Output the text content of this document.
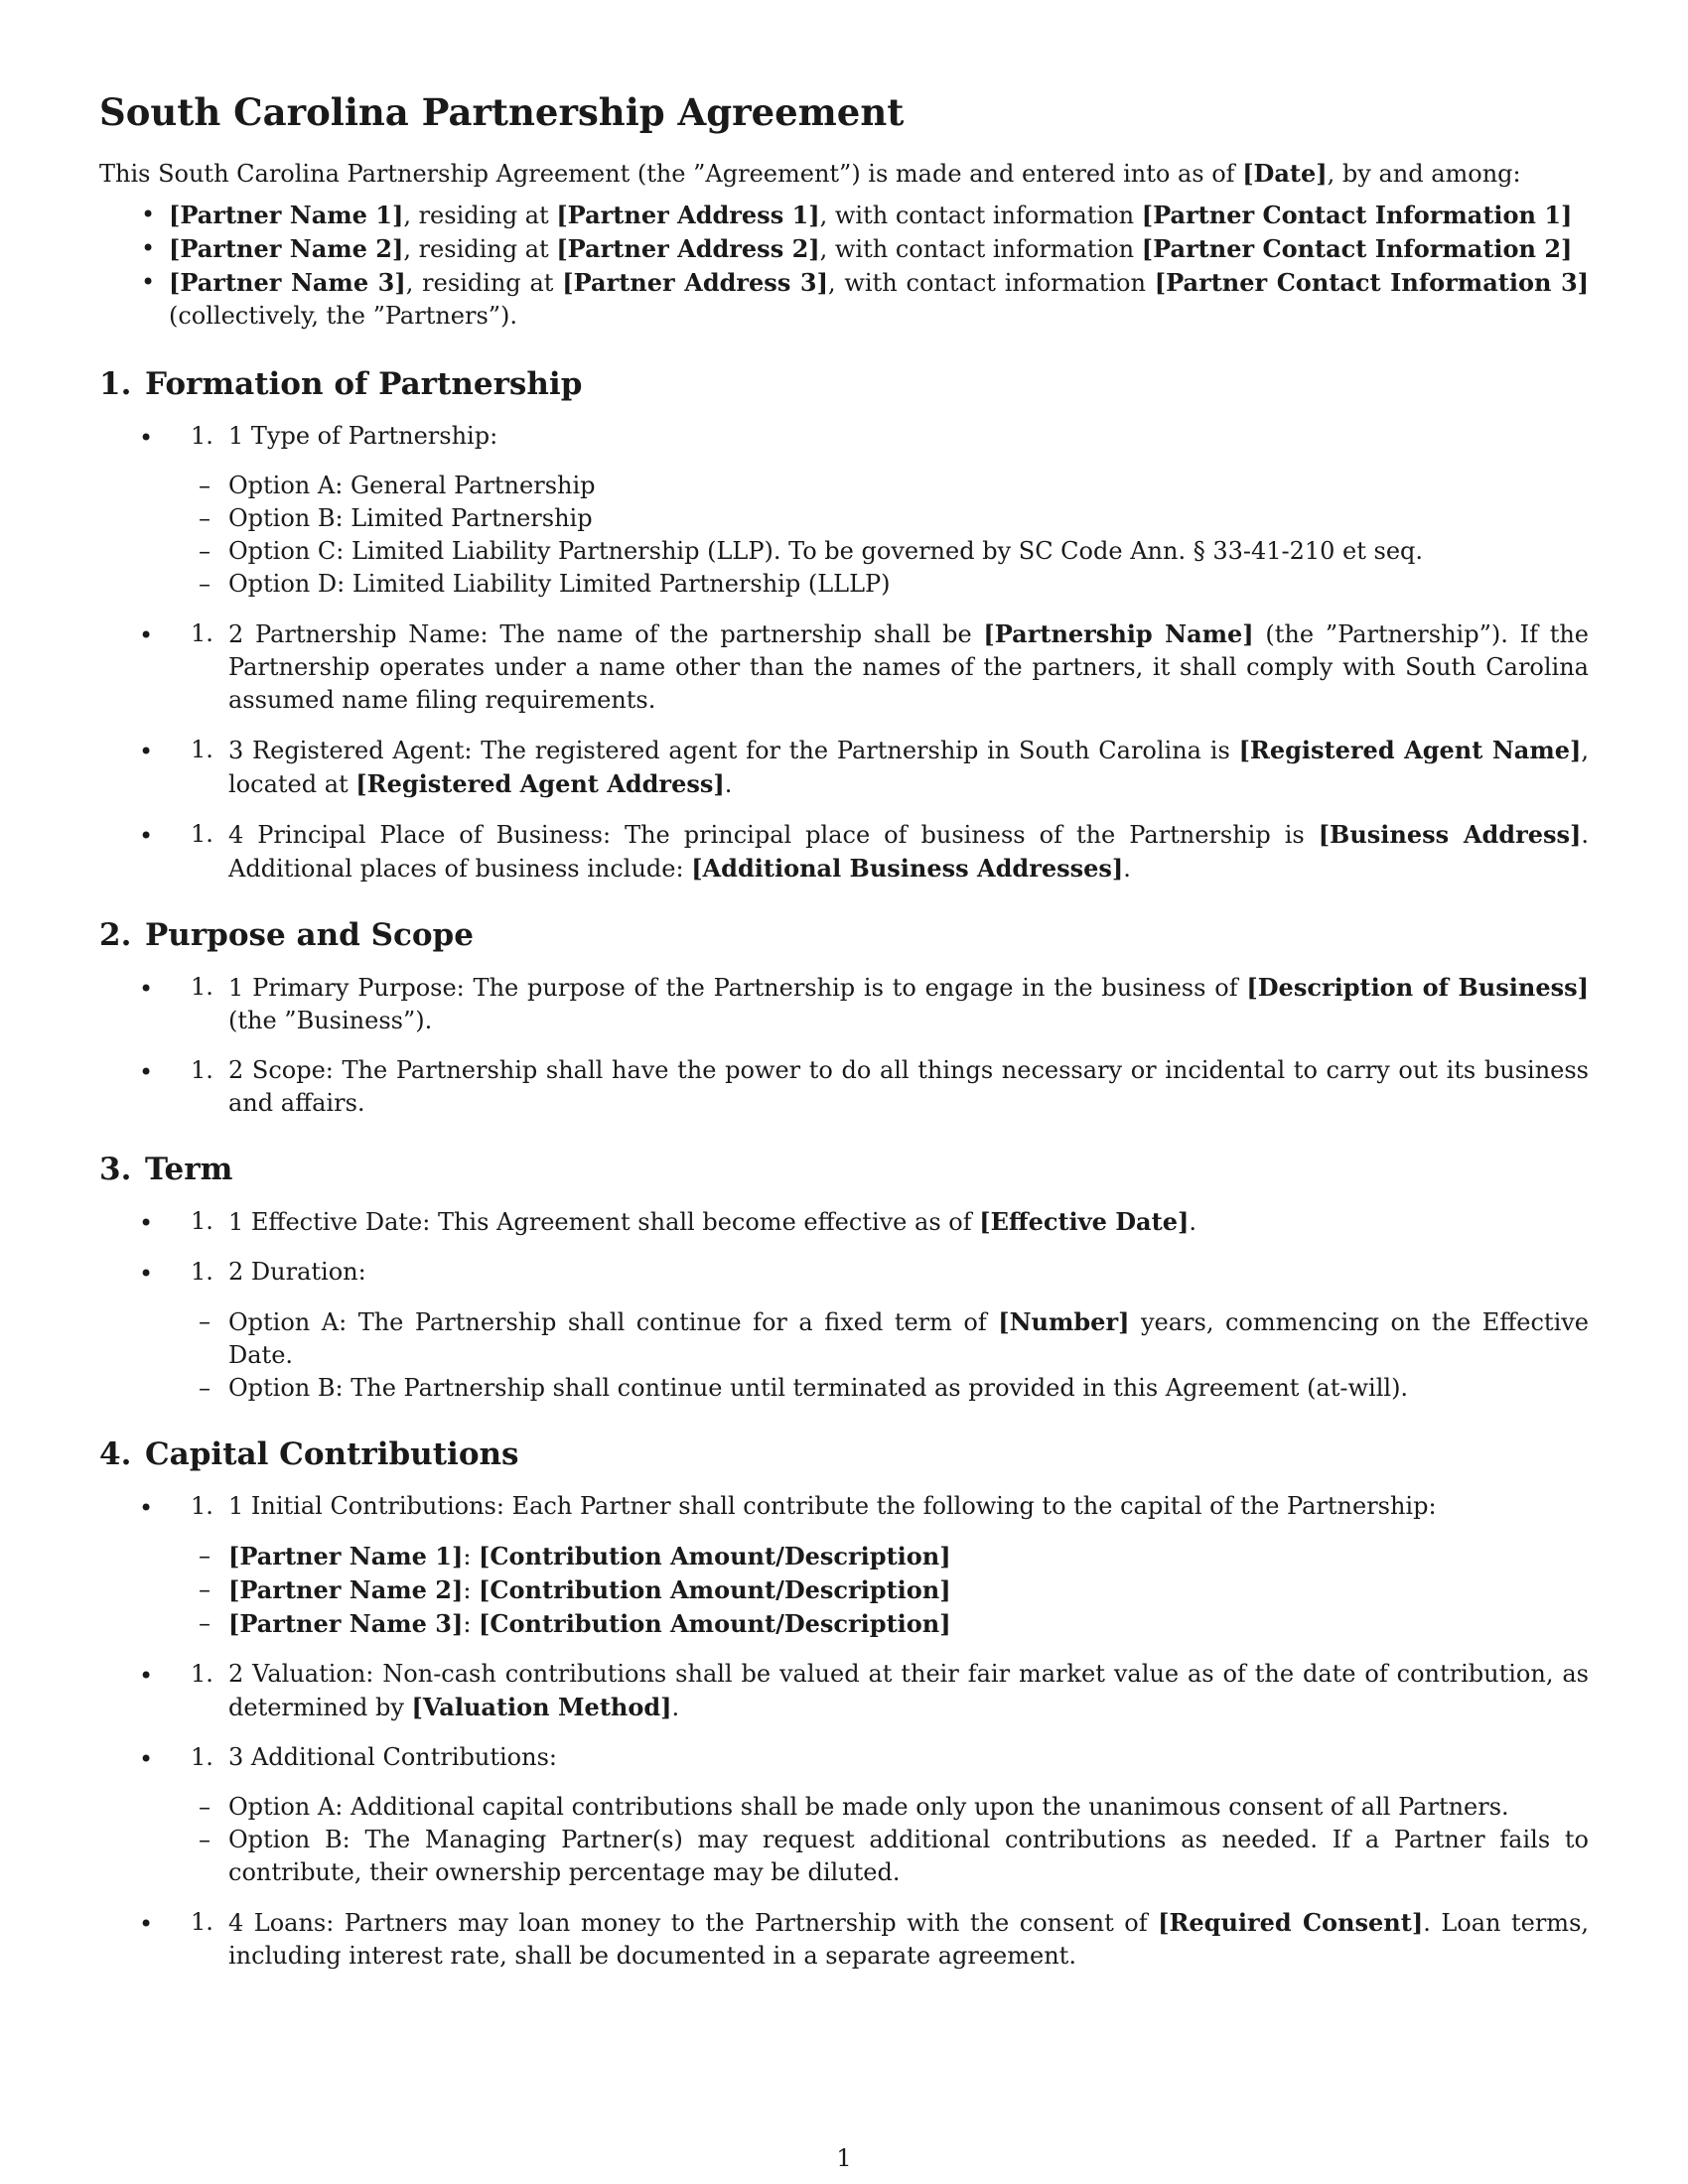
South Carolina Partnership Agreement

This South Carolina Partnership Agreement (the ”Agreement”) is made and entered into as of [Date], by and among:

• [Partner Name 1], residing at [Partner Address 1], with contact information [Partner Contact Information 1]
• [Partner Name 2], residing at [Partner Address 2], with contact information [Partner Contact Information 2]
• [Partner Name 3], residing at [Partner Address 3], with contact information [Partner Contact Information 3] (collectively, the ”Partners”).
1. Formation of Partnership
• 1. 1 Type of Partnership:
– Option A: General Partnership
– Option B: Limited Partnership
– Option C: Limited Liability Partnership (LLP). To be governed by SC Code Ann. § 33-41-210 et seq.
– Option D: Limited Liability Limited Partnership (LLLP)
• 1. 2 Partnership Name: The name of the partnership shall be [Partnership Name] (the ”Partnership”). If the Partnership operates under a name other than the names of the partners, it shall comply with South Carolina assumed name filing requirements.
• 1. 3 Registered Agent: The registered agent for the Partnership in South Carolina is [Registered Agent Name], located at [Registered Agent Address].
• 1. 4 Principal Place of Business: The principal place of business of the Partnership is [Business Address]. Additional places of business include: [Additional Business Addresses].
2. Purpose and Scope
• 1. 1 Primary Purpose: The purpose of the Partnership is to engage in the business of [Description of Business] (the ”Business”).
• 1. 2 Scope: The Partnership shall have the power to do all things necessary or incidental to carry out its business and affairs.
3. Term
• 1. 1 Effective Date: This Agreement shall become effective as of [Effective Date].
• 1. 2 Duration:
– Option A: The Partnership shall continue for a fixed term of [Number] years, commencing on the Effective Date.
– Option B: The Partnership shall continue until terminated as provided in this Agreement (at-will).
4. Capital Contributions
• 1. 1 Initial Contributions: Each Partner shall contribute the following to the capital of the Partnership:
– [Partner Name 1]: [Contribution Amount/Description]
– [Partner Name 2]: [Contribution Amount/Description]
– [Partner Name 3]: [Contribution Amount/Description]
• 1. 2 Valuation: Non-cash contributions shall be valued at their fair market value as of the date of contribution, as determined by [Valuation Method].
• 1. 3 Additional Contributions:
– Option A: Additional capital contributions shall be made only upon the unanimous consent of all Partners.
– Option B: The Managing Partner(s) may request additional contributions as needed. If a Partner fails to contribute, their ownership percentage may be diluted.
• 1. 4 Loans: Partners may loan money to the Partnership with the consent of [Required Consent]. Loan terms, including interest rate, shall be documented in a separate agreement.
1
